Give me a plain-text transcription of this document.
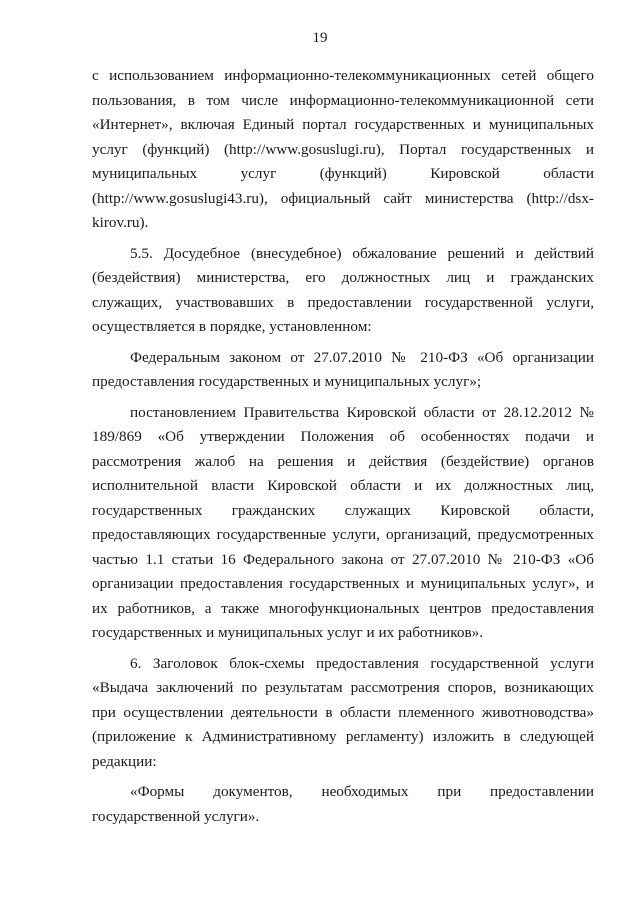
19

с использованием информационно-телекоммуникационных сетей общего пользования, в том числе информационно-телекоммуникационной сети «Интернет», включая Единый портал государственных и муниципальных услуг (функций) (http://www.gosuslugi.ru), Портал государственных и муниципальных услуг (функций) Кировской области (http://www.gosuslugi43.ru), официальный сайт министерства (http://dsx-kirov.ru).

5.5. Досудебное (внесудебное) обжалование решений и действий (бездействия) министерства, его должностных лиц и гражданских служащих, участвовавших в предоставлении государственной услуги, осуществляется в порядке, установленном:

Федеральным законом от 27.07.2010 № 210-ФЗ «Об организации предоставления государственных и муниципальных услуг»;

постановлением Правительства Кировской области от 28.12.2012 № 189/869 «Об утверждении Положения об особенностях подачи и рассмотрения жалоб на решения и действия (бездействие) органов исполнительной власти Кировской области и их должностных лиц, государственных гражданских служащих Кировской области, предоставляющих государственные услуги, организаций, предусмотренных частью 1.1 статьи 16 Федерального закона от 27.07.2010 № 210-ФЗ «Об организации предоставления государственных и муниципальных услуг», и их работников, а также многофункциональных центров предоставления государственных и муниципальных услуг и их работников».

6. Заголовок блок-схемы предоставления государственной услуги «Выдача заключений по результатам рассмотрения споров, возникающих при осуществлении деятельности в области племенного животноводства» (приложение к Административному регламенту) изложить в следующей редакции:

«Формы документов, необходимых при предоставлении государственной услуги».
